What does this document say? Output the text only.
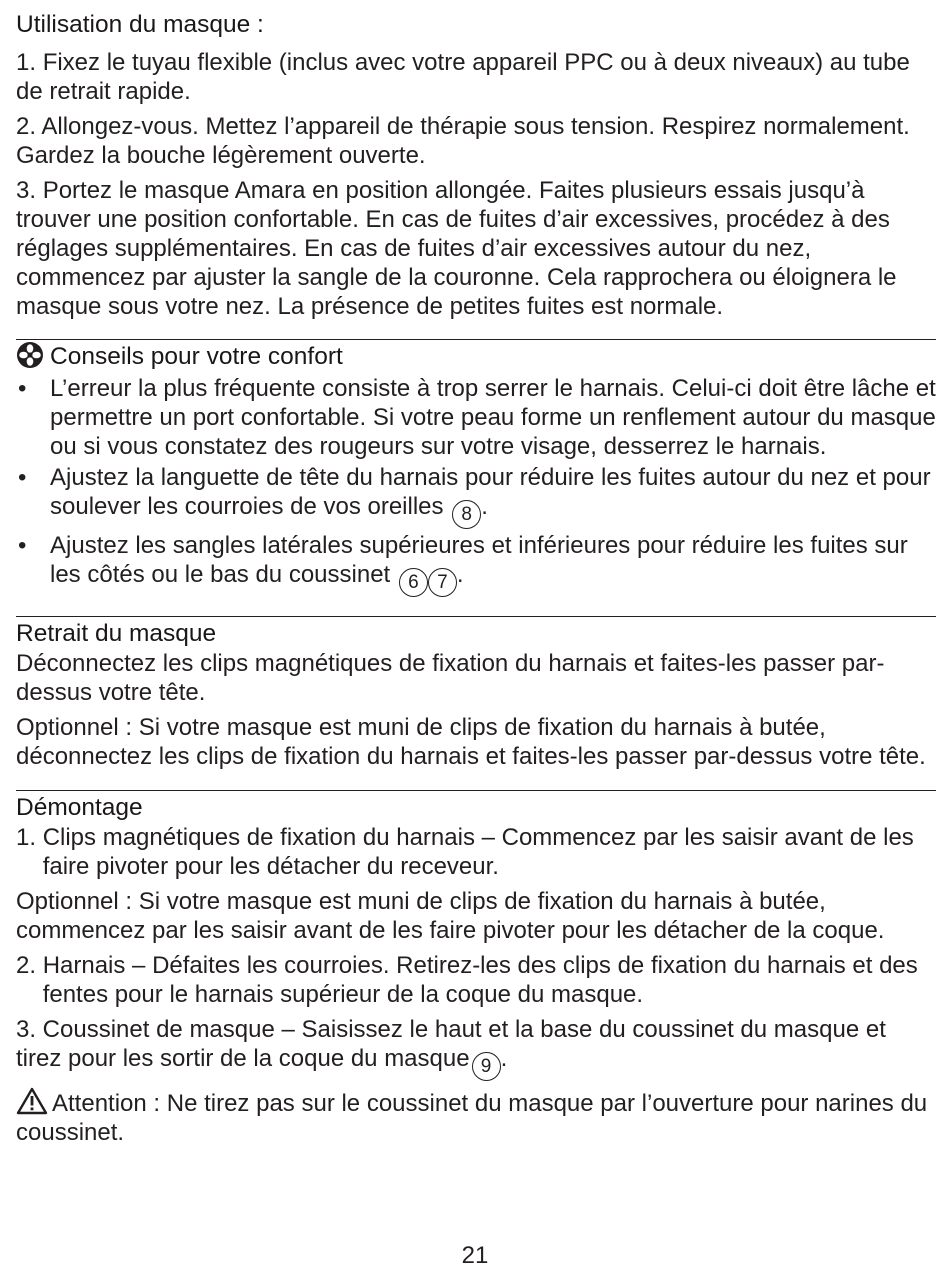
Utilisation du masque :

1. Fixez le tuyau flexible (inclus avec votre appareil PPC ou à deux niveaux) au tube de retrait rapide.

2. Allongez-vous. Mettez l’appareil de thérapie sous tension. Respirez normalement. Gardez la bouche légèrement ouverte.

3. Portez le masque Amara en position allongée. Faites plusieurs essais jusqu’à trouver une position confortable. En cas de fuites d’air excessives, procédez à des réglages supplémentaires. En cas de fuites d’air excessives autour du nez, commencez par ajuster la sangle de la couronne. Cela rapprochera ou éloignera le masque sous votre nez. La présence de petites fuites est normale.

Conseils pour votre confort
• L’erreur la plus fréquente consiste à trop serrer le harnais. Celui-ci doit être lâche et permettre un port confortable. Si votre peau forme un renflement autour du masque ou si vous constatez des rougeurs sur votre visage, desserrez le harnais.
• Ajustez la languette de tête du harnais pour réduire les fuites autour du nez et pour soulever les courroies de vos oreilles 8 .
• Ajustez les sangles latérales supérieures et inférieures pour réduire les fuites sur les côtés ou le bas du coussinet 6 7 .
Retrait du masque

Déconnectez les clips magnétiques de fixation du harnais et faites-les passer par-dessus votre tête.

Optionnel : Si votre masque est muni de clips de fixation du harnais à butée, déconnectez les clips de fixation du harnais et faites-les passer par-dessus votre tête.

Démontage

1. Clips magnétiques de fixation du harnais – Commencez par les saisir avant de les faire pivoter pour les détacher du receveur.

Optionnel : Si votre masque est muni de clips de fixation du harnais à butée, commencez par les saisir avant de les faire pivoter pour les détacher de la coque.

2. Harnais – Défaites les courroies. Retirez-les des clips de fixation du harnais et des fentes pour le harnais supérieur de la coque du masque.

3. Coussinet de masque – Saisissez le haut et la base du coussinet du masque et tirez pour les sortir de la coque du masque 9 .

Attention : Ne tirez pas sur le coussinet du masque par l’ouverture pour narines du coussinet.

21
